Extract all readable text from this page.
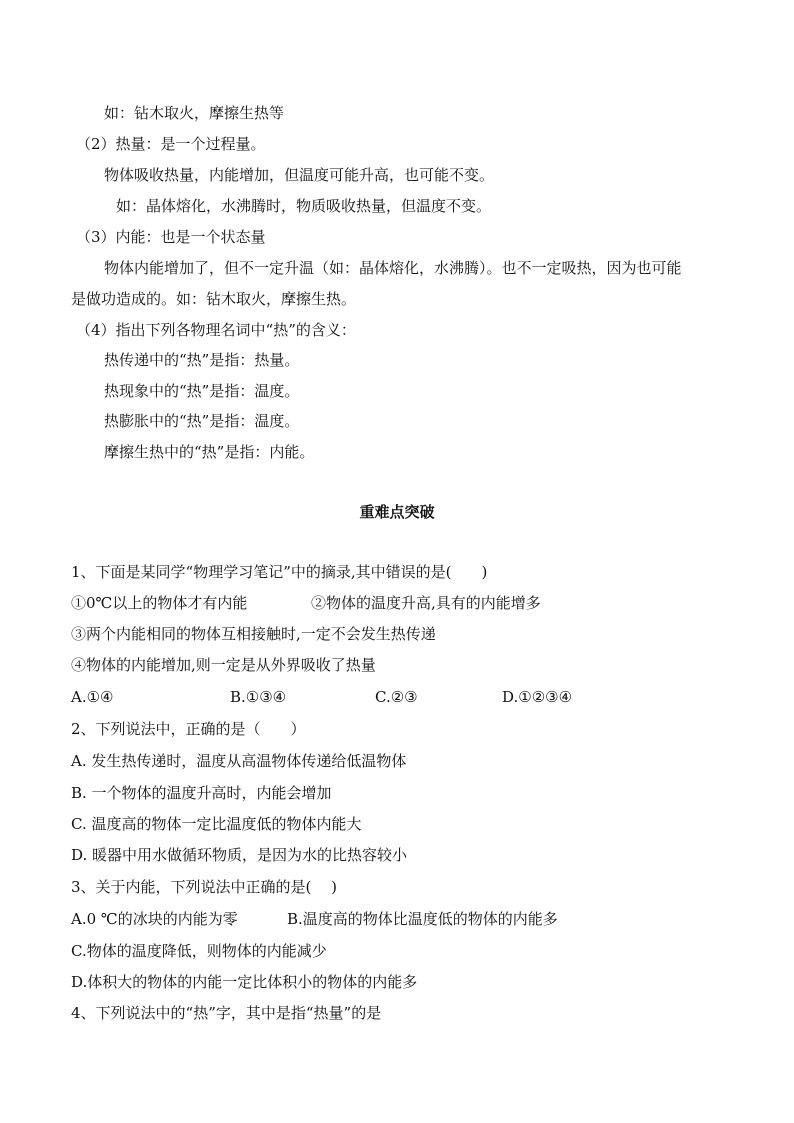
如：钻木取火，摩擦生热等
（2）热量：是一个过程量。
物体吸收热量，内能增加，但温度可能升高，也可能不变。
如：晶体熔化，水沸腾时，物质吸收热量，但温度不变。
（3）内能：也是一个状态量
物体内能增加了，但不一定升温（如：晶体熔化，水沸腾）。也不一定吸热，因为也可能
是做功造成的。如：钻木取火，摩擦生热。
（4）指出下列各物理名词中“热”的含义：
热传递中的“热”是指：热量。
热现象中的“热”是指：温度。
热膨胀中的“热”是指：温度。
摩擦生热中的“热”是指：内能。
重难点突破
1、下面是某同学“物理学习笔记”中的摘录,其中错误的是(　　)
①0℃以上的物体才有内能	②物体的温度升高,具有的内能增多
③两个内能相同的物体互相接触时,一定不会发生热传递
④物体的内能增加,则一定是从外界吸收了热量
A.①④	B.①③④	C.②③	D.①②③④
2、下列说法中，正确的是（　　）
A. 发生热传递时，温度从高温物体传递给低温物体
B. 一个物体的温度升高时，内能会增加
C. 温度高的物体一定比温度低的物体内能大
D. 暖器中用水做循环物质，是因为水的比热容较小
3、关于内能，下列说法中正确的是(　 )
A.0 ℃的冰块的内能为零	B.温度高的物体比温度低的物体的内能多
C.物体的温度降低，则物体的内能减少
D.体积大的物体的内能一定比体积小的物体的内能多
4、下列说法中的“热”字，其中是指“热量”的是
